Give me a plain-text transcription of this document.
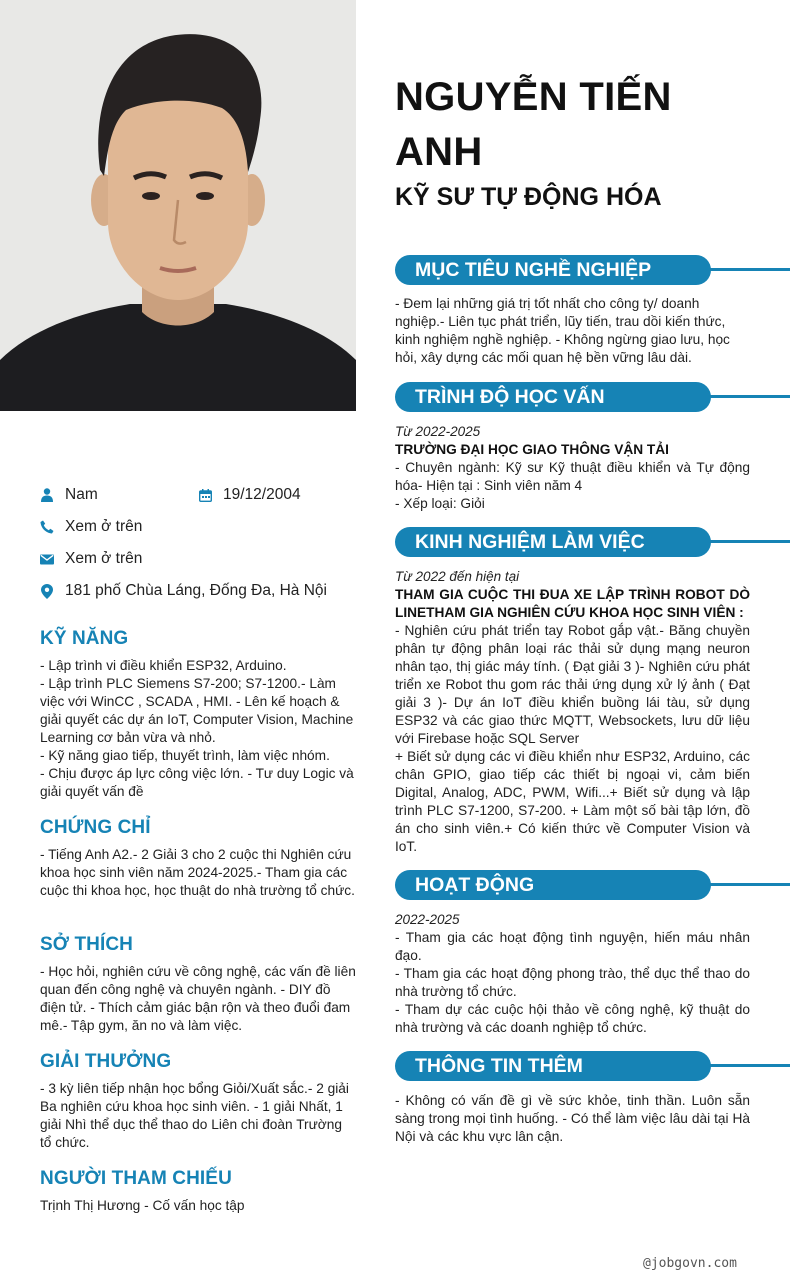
Nam	19/12/2004
Xem ở trên
Xem ở trên
181 phố Chùa Láng, Đống Đa, Hà Nội
KỸ NĂNG

- Lập trình vi điều khiển ESP32, Arduino.

- Lập trình PLC Siemens S7-200; S7-1200.- Làm việc với WinCC , SCADA , HMI. - Lên kế hoạch & giải quyết các dự án IoT, Computer Vision, Machine Learning cơ bản vừa và nhỏ.

- Kỹ năng giao tiếp, thuyết trình, làm việc nhóm.

- Chịu được áp lực công việc lớn. - Tư duy Logic và giải quyết vấn đề

CHỨNG CHỈ
- Tiếng Anh A2.- 2 Giải 3 cho 2 cuộc thi Nghiên cứu khoa học sinh viên năm 2024-2025.- Tham gia các cuộc thi khoa học, học thuật do nhà trường tổ chức.
SỞ THÍCH
- Học hỏi, nghiên cứu về công nghệ, các vấn đề liên quan đến công nghệ và chuyên ngành. - DIY đồ điện tử. - Thích cảm giác bận rộn và theo đuổi đam mê.- Tập gym, ăn no và làm việc.
GIẢI THƯỞNG
- 3 kỳ liên tiếp nhận học bổng Giỏi/Xuất sắc.- 2 giải Ba nghiên cứu khoa học sinh viên. - 1 giải Nhất, 1 giải Nhì thể dục thể thao do Liên chi đoàn Trường tổ chức.
NGƯỜI THAM CHIẾU
Trịnh Thị Hương - Cố vấn học tập
NGUYỄN TIẾN ANH
KỸ SƯ TỰ ĐỘNG HÓA
MỤC TIÊU NGHỀ NGHIỆP
- Đem lại những giá trị tốt nhất cho công ty/ doanh nghiệp.- Liên tục phát triển, lũy tiến, trau dồi kiến thức, kinh nghiệm nghề nghiệp. - Không ngừng giao lưu, học hỏi, xây dựng các mối quan hệ bền vững lâu dài.
TRÌNH ĐỘ HỌC VẤN
Từ 2022-2025
TRƯỜNG ĐẠI HỌC GIAO THÔNG VẬN TẢI

- Chuyên ngành: Kỹ sư Kỹ thuật điều khiển và Tự động hóa- Hiện tại : Sinh viên năm 4

- Xếp loại: Giỏi

KINH NGHIỆM LÀM VIỆC
Từ 2022 đến hiện tại
THAM GIA CUỘC THI ĐUA XE LẬP TRÌNH ROBOT DÒ LINETHAM GIA NGHIÊN CỨU KHOA HỌC SINH VIÊN :

- Nghiên cứu phát triển tay Robot gắp vật.- Băng chuyền phân tự động phân loại rác thải sử dụng mạng neuron nhân tạo, thị giác máy tính. ( Đạt giải 3 )- Nghiên cứu phát triển xe Robot thu gom rác thải ứng dụng xử lý ảnh ( Đạt giải 3 )- Dự án IoT điều khiển buồng lái tàu, sử dụng ESP32 và các giao thức MQTT, Websockets, lưu dữ liệu với Firebase hoặc SQL Server

+ Biết sử dụng các vi điều khiển như ESP32, Arduino, các chân GPIO, giao tiếp các thiết bị ngoại vi, cảm biến Digital, Analog, ADC, PWM, Wifi...+ Biết sử dụng và lập trình PLC S7-1200, S7-200. + Làm một số bài tập lớn, đồ án cho sinh viên.+ Có kiến thức về Computer Vision và IoT.

HOẠT ĐỘNG
2022-2025

- Tham gia các hoạt động tình nguyện, hiến máu nhân đạo.

- Tham gia các hoạt động phong trào, thể dục thể thao do nhà trường tổ chức.

- Tham dự các cuộc hội thảo về công nghệ, kỹ thuật do nhà trường và các doanh nghiệp tổ chức.

THÔNG TIN THÊM
- Không có vấn đề gì về sức khỏe, tinh thần. Luôn sẵn sàng trong mọi tình huống. - Có thể làm việc lâu dài tại Hà Nội và các khu vực lân cận.
@jobgovn.com
